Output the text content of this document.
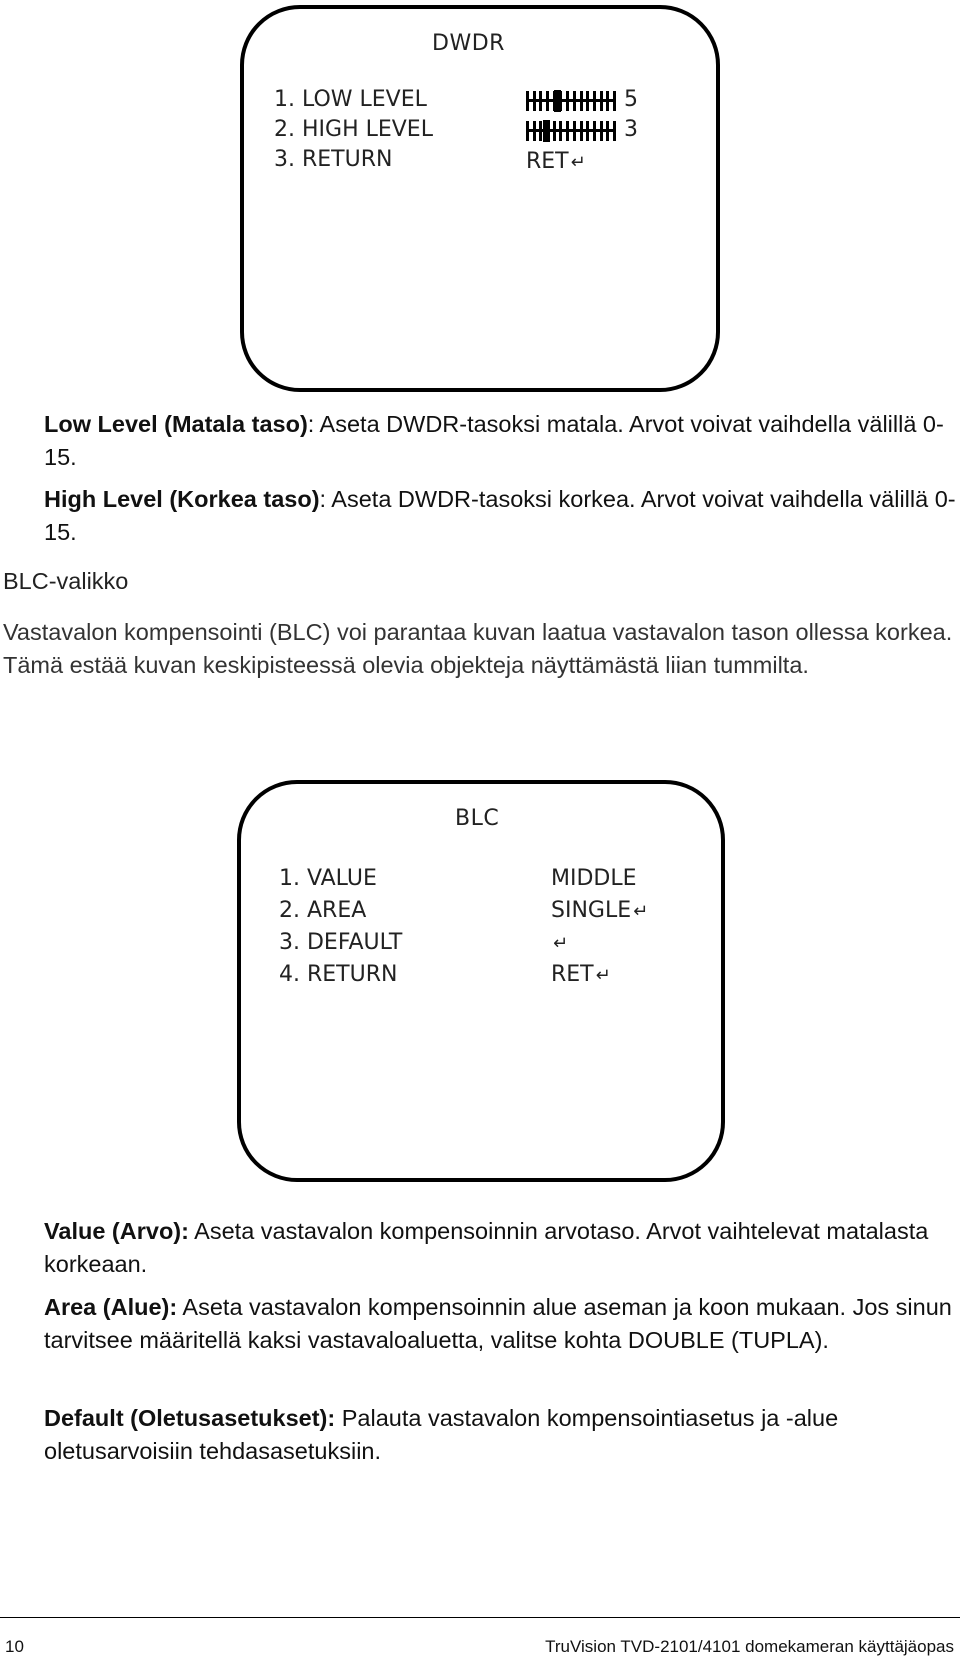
DWDR
1. LOW LEVEL	5
2. HIGH LEVEL	3
3. RETURN	RET ↵
Low Level (Matala taso): Aseta DWDR-tasoksi matala. Arvot voivat vaihdella välillä 0-15.
High Level (Korkea taso): Aseta DWDR-tasoksi korkea. Arvot voivat vaihdella välillä 0-15.
BLC-valikko
Vastavalon kompensointi (BLC) voi parantaa kuvan laatua vastavalon tason ollessa korkea. Tämä estää kuvan keskipisteessä olevia objekteja näyttämästä liian tummilta.
BLC
1. VALUE	MIDDLE
2. AREA	SINGLE ↵
3. DEFAULT	↵
4. RETURN	RET ↵
Value (Arvo): Aseta vastavalon kompensoinnin arvotaso. Arvot vaihtelevat matalasta korkeaan.
Area (Alue): Aseta vastavalon kompensoinnin alue aseman ja koon mukaan. Jos sinun tarvitsee määritellä kaksi vastavaloaluetta, valitse kohta DOUBLE (TUPLA).
Default (Oletusasetukset): Palauta vastavalon kompensointiasetus ja -alue oletusarvoisiin tehdasasetuksiin.
10	TruVision TVD-2101/4101 domekameran käyttäjäopas
